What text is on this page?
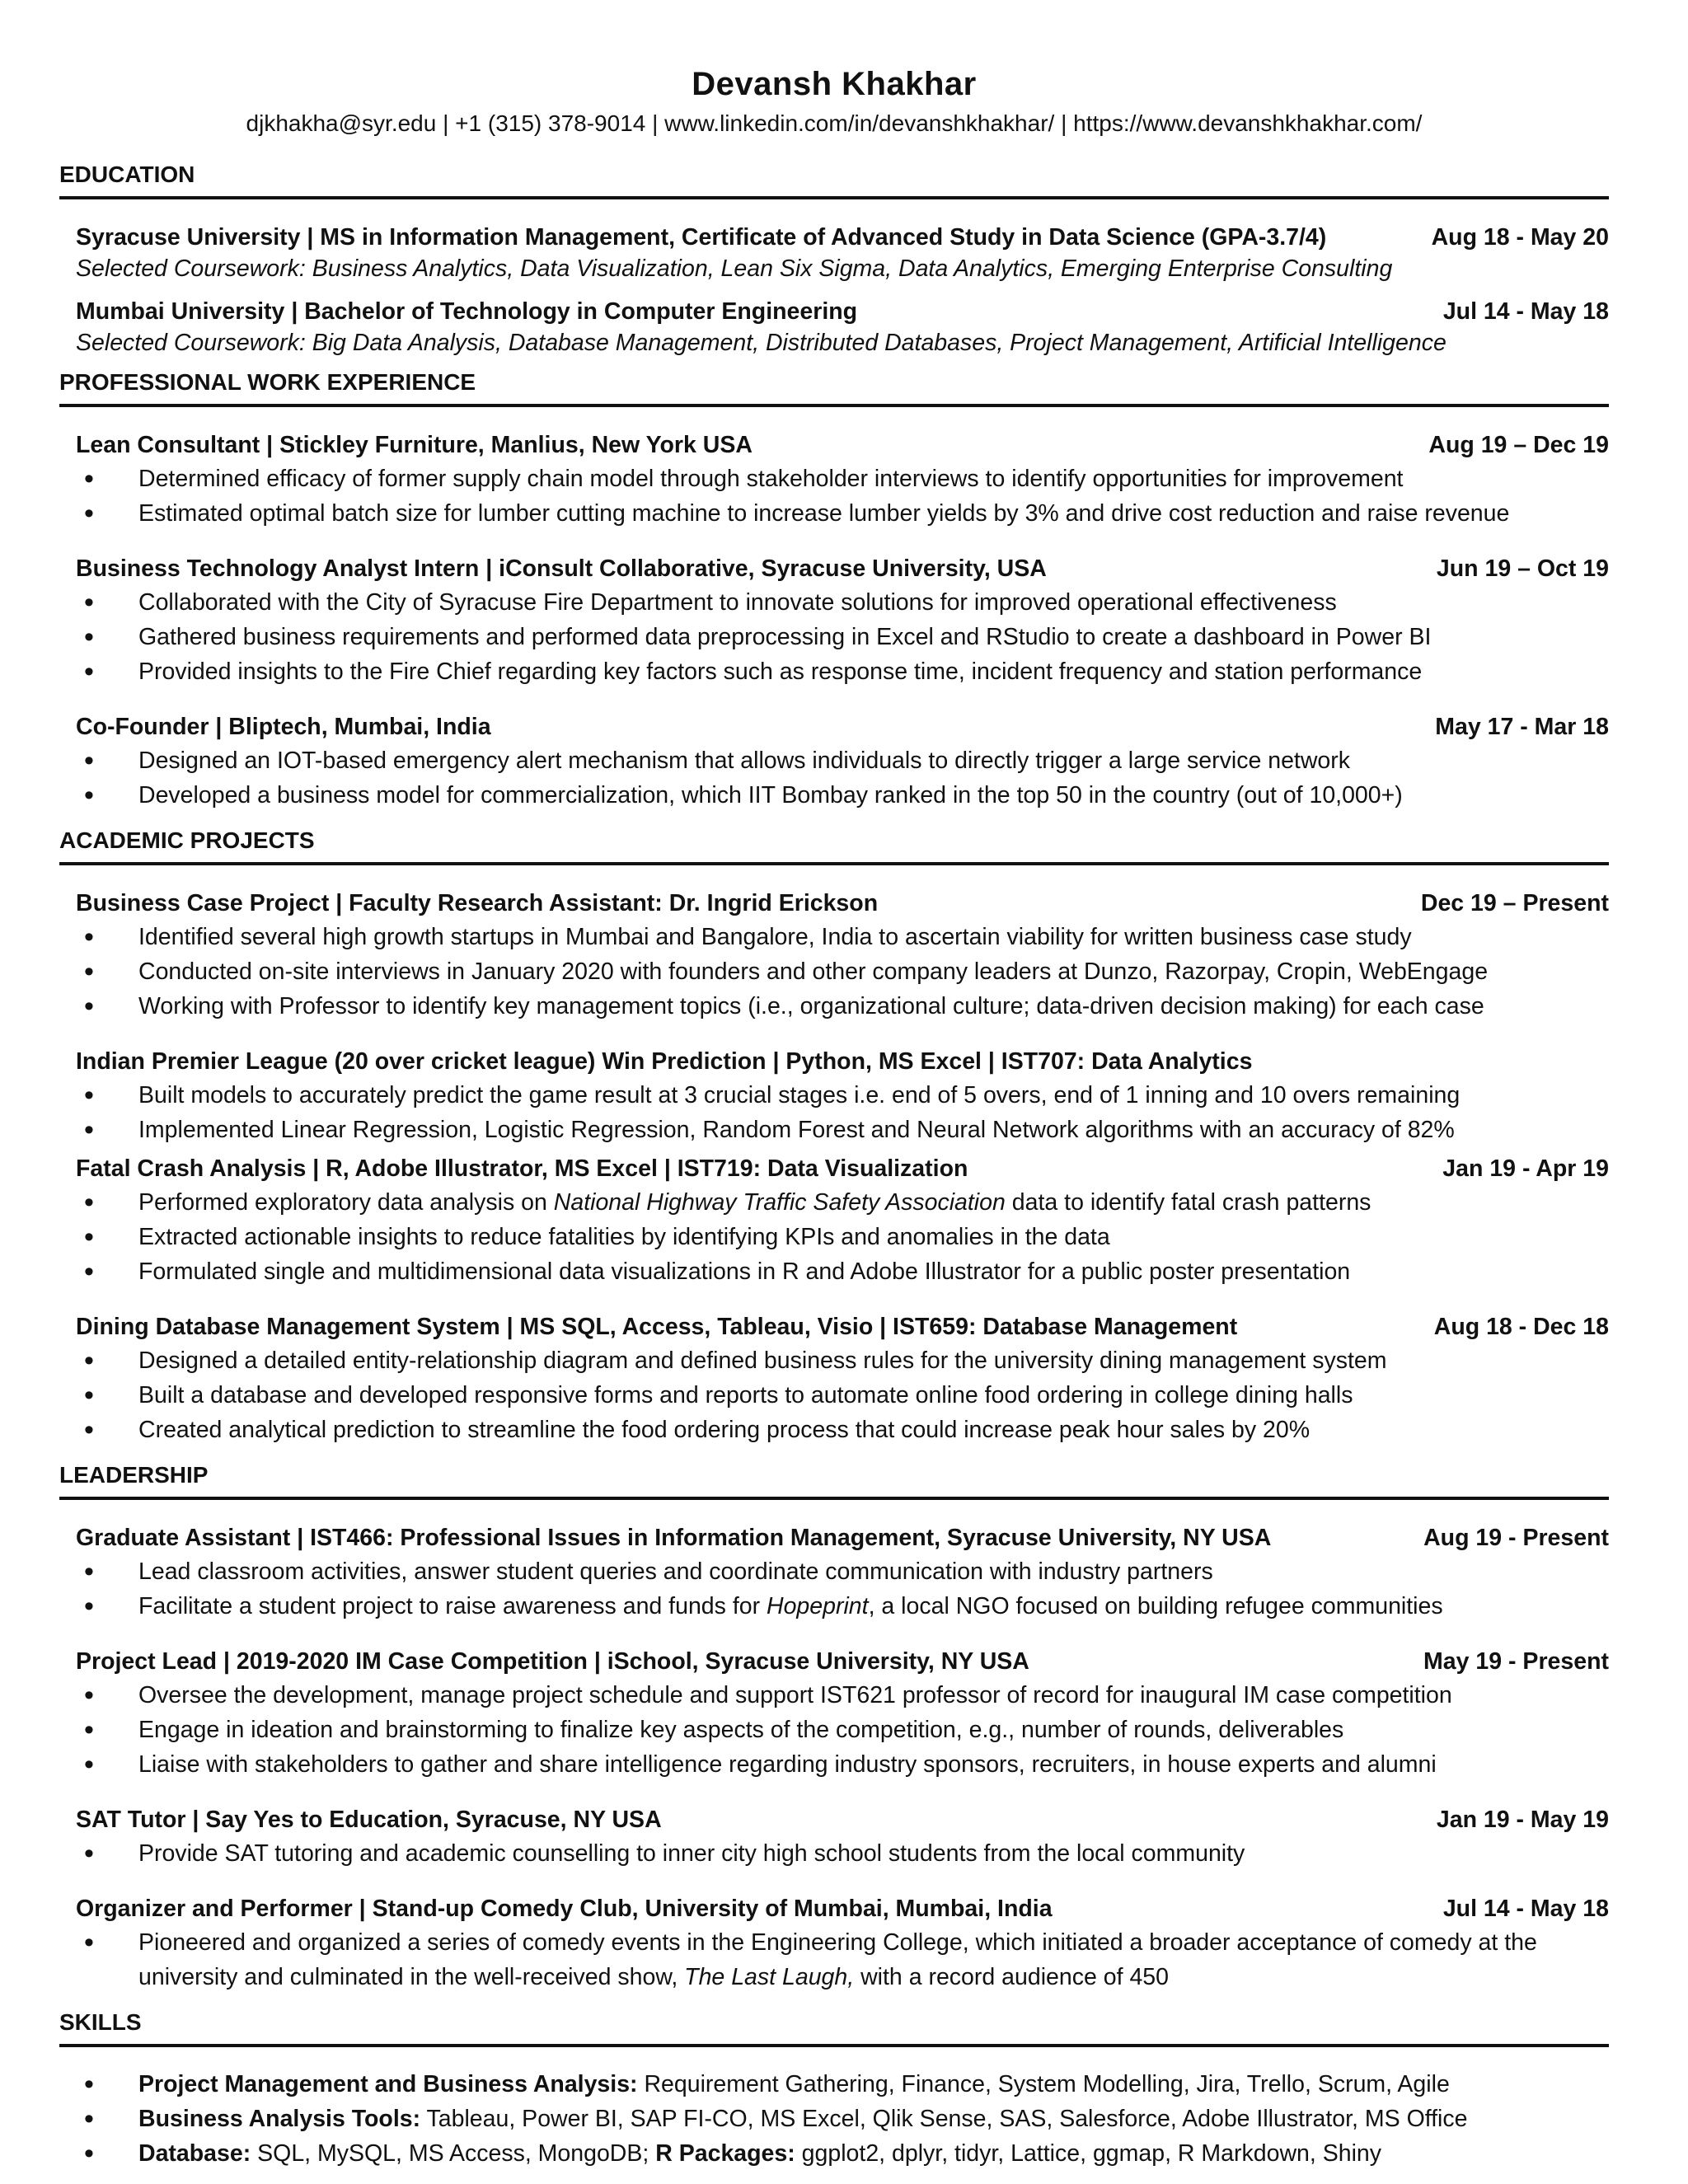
Devansh Khakhar
djkhakha@syr.edu | +1 (315) 378-9014 | www.linkedin.com/in/devanshkhakhar/ | https://www.devanshkhakhar.com/
EDUCATION
Syracuse University | MS in Information Management, Certificate of Advanced Study in Data Science (GPA-3.7/4)	Aug 18 - May 20
Selected Coursework: Business Analytics, Data Visualization, Lean Six Sigma, Data Analytics, Emerging Enterprise Consulting
Mumbai University | Bachelor of Technology in Computer Engineering	Jul 14 - May 18
Selected Coursework: Big Data Analysis, Database Management, Distributed Databases, Project Management, Artificial Intelligence
PROFESSIONAL WORK EXPERIENCE
Lean Consultant | Stickley Furniture, Manlius, New York USA	Aug 19 – Dec 19
• Determined efficacy of former supply chain model through stakeholder interviews to identify opportunities for improvement
• Estimated optimal batch size for lumber cutting machine to increase lumber yields by 3% and drive cost reduction and raise revenue
Business Technology Analyst Intern | iConsult Collaborative, Syracuse University, USA	Jun 19 – Oct 19
• Collaborated with the City of Syracuse Fire Department to innovate solutions for improved operational effectiveness
• Gathered business requirements and performed data preprocessing in Excel and RStudio to create a dashboard in Power BI
• Provided insights to the Fire Chief regarding key factors such as response time, incident frequency and station performance
Co-Founder | Bliptech, Mumbai, India	May 17 - Mar 18
• Designed an IOT-based emergency alert mechanism that allows individuals to directly trigger a large service network
• Developed a business model for commercialization, which IIT Bombay ranked in the top 50 in the country (out of 10,000+)
ACADEMIC PROJECTS
Business Case Project | Faculty Research Assistant: Dr. Ingrid Erickson	Dec 19 – Present
• Identified several high growth startups in Mumbai and Bangalore, India to ascertain viability for written business case study
• Conducted on-site interviews in January 2020 with founders and other company leaders at Dunzo, Razorpay, Cropin, WebEngage
• Working with Professor to identify key management topics (i.e., organizational culture; data-driven decision making) for each case
Indian Premier League (20 over cricket league) Win Prediction | Python, MS Excel | IST707: Data Analytics
• Built models to accurately predict the game result at 3 crucial stages i.e. end of 5 overs, end of 1 inning and 10 overs remaining
• Implemented Linear Regression, Logistic Regression, Random Forest and Neural Network algorithms with an accuracy of 82%
Fatal Crash Analysis | R, Adobe Illustrator, MS Excel | IST719: Data Visualization	Jan 19 - Apr 19
• Performed exploratory data analysis on National Highway Traffic Safety Association data to identify fatal crash patterns
• Extracted actionable insights to reduce fatalities by identifying KPIs and anomalies in the data
• Formulated single and multidimensional data visualizations in R and Adobe Illustrator for a public poster presentation
Dining Database Management System | MS SQL, Access, Tableau, Visio | IST659: Database Management	Aug 18 - Dec 18
• Designed a detailed entity-relationship diagram and defined business rules for the university dining management system
• Built a database and developed responsive forms and reports to automate online food ordering in college dining halls
• Created analytical prediction to streamline the food ordering process that could increase peak hour sales by 20%
LEADERSHIP
Graduate Assistant | IST466: Professional Issues in Information Management, Syracuse University, NY USA	Aug 19 - Present
• Lead classroom activities, answer student queries and coordinate communication with industry partners
• Facilitate a student project to raise awareness and funds for Hopeprint, a local NGO focused on building refugee communities
Project Lead | 2019-2020 IM Case Competition | iSchool, Syracuse University, NY USA	May 19 - Present
• Oversee the development, manage project schedule and support IST621 professor of record for inaugural IM case competition
• Engage in ideation and brainstorming to finalize key aspects of the competition, e.g., number of rounds, deliverables
• Liaise with stakeholders to gather and share intelligence regarding industry sponsors, recruiters, in house experts and alumni
SAT Tutor | Say Yes to Education, Syracuse, NY USA	Jan 19 - May 19
• Provide SAT tutoring and academic counselling to inner city high school students from the local community
Organizer and Performer | Stand-up Comedy Club, University of Mumbai, Mumbai, India	Jul 14 - May 18
• Pioneered and organized a series of comedy events in the Engineering College, which initiated a broader acceptance of comedy at the university and culminated in the well-received show, The Last Laugh, with a record audience of 450
SKILLS
• Project Management and Business Analysis: Requirement Gathering, Finance, System Modelling, Jira, Trello, Scrum, Agile
• Business Analysis Tools: Tableau, Power BI, SAP FI-CO, MS Excel, Qlik Sense, SAS, Salesforce, Adobe Illustrator, MS Office
• Database: SQL, MySQL, MS Access, MongoDB; R Packages: ggplot2, dplyr, tidyr, Lattice, ggmap, R Markdown, Shiny
